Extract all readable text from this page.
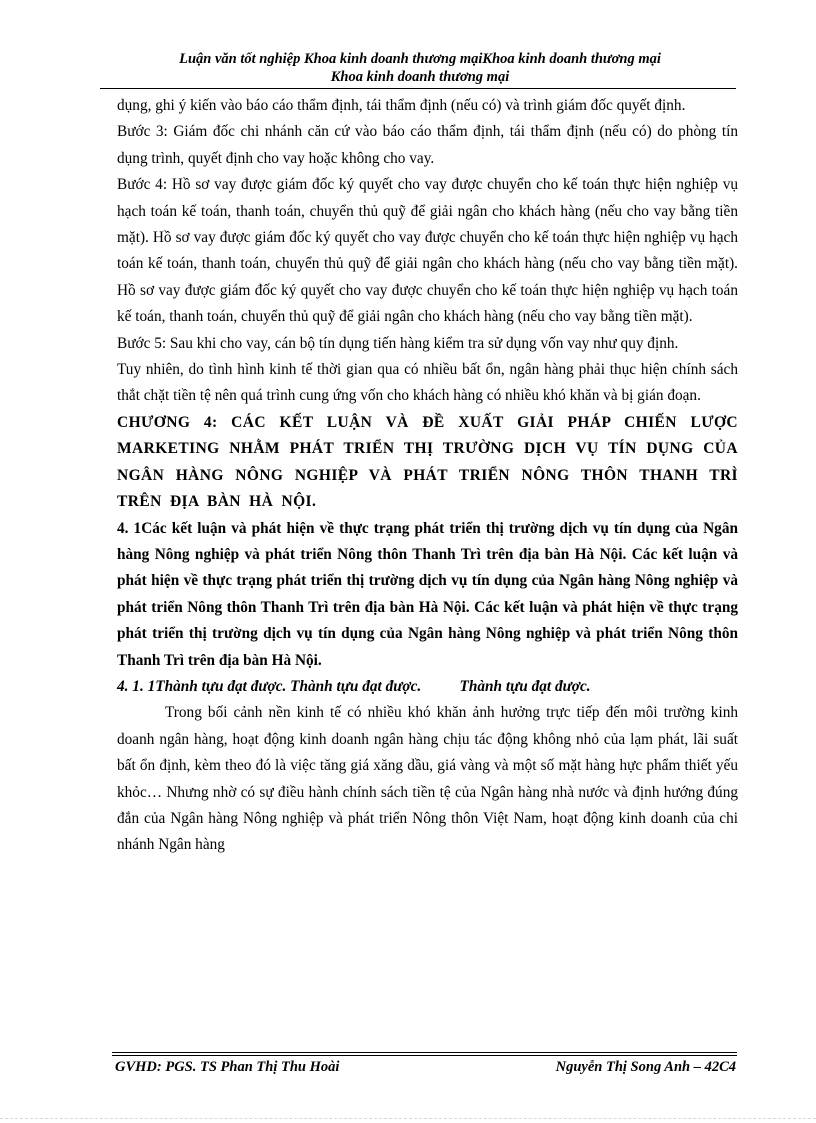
Luận văn tốt nghiệp Khoa kinh doanh thương mạiKhoa kinh doanh thương mại
Khoa kinh doanh thương mại

dụng, ghi ý kiến vào báo cáo thẩm định, tái thẩm định (nếu có) và trình giám đốc quyết định.

Bước 3: Giám đốc chi nhánh căn cứ vào báo cáo thẩm định, tái thẩm định (nếu có) do phòng tín dụng trình, quyết định cho vay hoặc không cho vay.

Bước 4: Hồ sơ vay được giám đốc ký quyết cho vay được chuyển cho kế toán thực hiện nghiệp vụ hạch toán kế toán, thanh toán, chuyển thủ quỹ để giải ngân cho khách hàng (nếu cho vay bằng tiền mặt). Hồ sơ vay được giám đốc ký quyết cho vay được chuyển cho kế toán thực hiện nghiệp vụ hạch toán kế toán, thanh toán, chuyển thủ quỹ để giải ngân cho khách hàng (nếu cho vay bằng tiền mặt).       Hồ sơ vay được giám đốc ký quyết cho vay được chuyển cho kế toán thực hiện nghiệp vụ hạch toán kế toán, thanh toán, chuyển thủ quỹ để giải ngân cho khách hàng (nếu cho vay bằng tiền mặt).

Bước 5: Sau khi cho vay, cán bộ tín dụng tiến hàng kiểm tra sử dụng vốn vay như quy định.

Tuy nhiên, do tình hình kinh tế thời gian qua có nhiều bất ổn, ngân hàng phải thục hiện chính sách thắt chặt tiền tệ nên quá trình cung ứng vốn cho khách hàng có nhiều khó khăn và bị gián đoạn.

CHƯƠNG 4: CÁC KẾT LUẬN VÀ ĐỀ XUẤT GIẢI PHÁP CHIẾN LƯỢC MARKETING NHẰM PHÁT TRIỂN THỊ TRƯỜNG DỊCH VỤ TÍN DỤNG CỦA NGÂN HÀNG NÔNG NGHIỆP VÀ PHÁT TRIỂN NÔNG THÔN THANH TRÌ TRÊN ĐỊA BÀN HÀ NỘI.

4. 1Các kết luận và phát hiện về thực trạng phát triển thị trường dịch vụ tín dụng của Ngân hàng Nông nghiệp và phát triển Nông thôn Thanh Trì trên địa bàn Hà Nội. Các kết luận và phát hiện về thực trạng phát triển thị trường dịch vụ tín dụng của Ngân hàng Nông nghiệp và phát triển Nông thôn Thanh Trì trên địa bàn Hà Nội. Các kết luận và phát hiện về thực trạng phát triển thị trường dịch vụ tín dụng của Ngân hàng Nông nghiệp và phát triển Nông thôn Thanh Trì trên địa bàn Hà Nội.

4. 1. 1Thành tựu đạt được. Thành tựu đạt được.          Thành tựu đạt được.

Trong bối cảnh nền kinh tế có nhiều khó khăn ảnh hưởng trực tiếp đến môi trường kinh doanh ngân hàng, hoạt động kinh doanh ngân hàng chịu tác động không nhỏ của lạm phát, lãi suất bất ổn định, kèm theo đó là việc tăng giá xăng dầu, giá vàng và một số mặt hàng hực phẩm thiết yếu khỏc… Nhưng nhờ có sự điều hành chính sách tiền tệ của Ngân hàng nhà nước và định hướng đúng đắn của Ngân hàng Nông nghiệp và phát triển Nông thôn Việt Nam, hoạt động kinh doanh của chi nhánh Ngân hàng

GVHD: PGS. TS Phan Thị Thu Hoài	Nguyễn Thị Song Anh – 42C4
